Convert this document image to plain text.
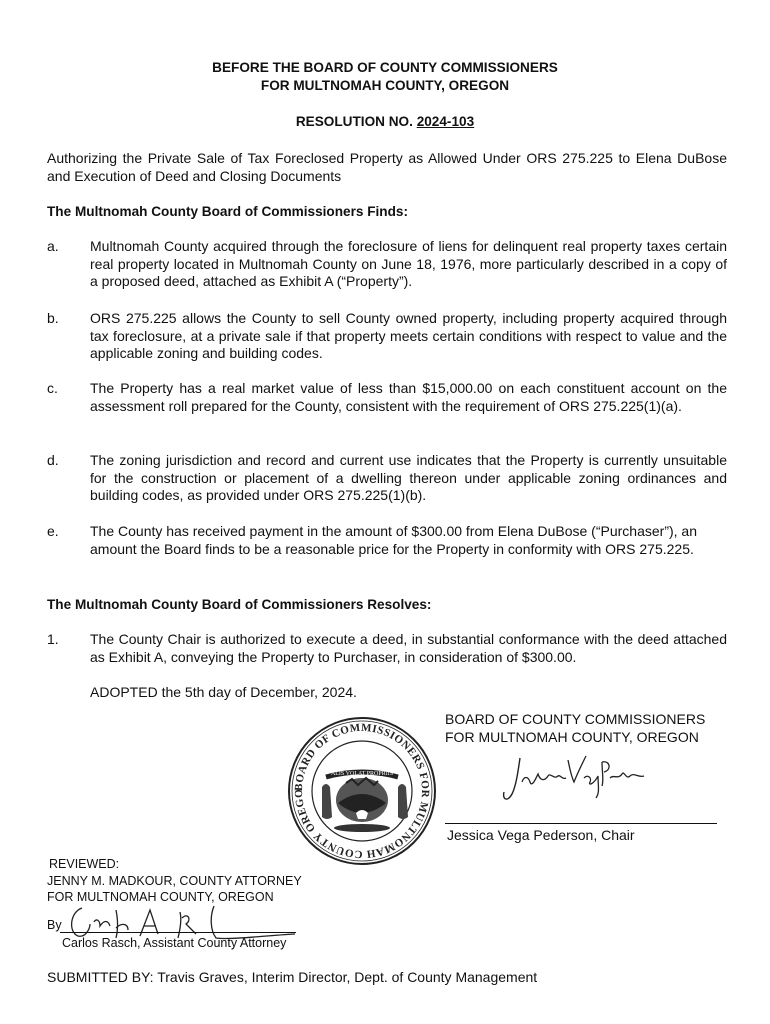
BEFORE THE BOARD OF COUNTY COMMISSIONERS
FOR MULTNOMAH COUNTY, OREGON
RESOLUTION NO. 2024-103
Authorizing the Private Sale of Tax Foreclosed Property as Allowed Under ORS 275.225 to Elena DuBose and Execution of Deed and Closing Documents
The Multnomah County Board of Commissioners Finds:
a. Multnomah County acquired through the foreclosure of liens for delinquent real property taxes certain real property located in Multnomah County on June 18, 1976, more particularly described in a copy of a proposed deed, attached as Exhibit A (“Property”).
b. ORS 275.225 allows the County to sell County owned property, including property acquired through tax foreclosure, at a private sale if that property meets certain conditions with respect to value and the applicable zoning and building codes.
c. The Property has a real market value of less than $15,000.00 on each constituent account on the assessment roll prepared for the County, consistent with the requirement of ORS 275.225(1)(a).
d. The zoning jurisdiction and record and current use indicates that the Property is currently unsuitable for the construction or placement of a dwelling thereon under applicable zoning ordinances and building codes, as provided under ORS 275.225(1)(b).
e. The County has received payment in the amount of $300.00 from Elena DuBose (“Purchaser”), an amount the Board finds to be a reasonable price for the Property in conformity with ORS 275.225.
The Multnomah County Board of Commissioners Resolves:
1. The County Chair is authorized to execute a deed, in substantial conformance with the deed attached as Exhibit A, conveying the Property to Purchaser, in consideration of $300.00.
ADOPTED the 5th day of December, 2024.
BOARD OF COUNTY COMMISSIONERS
FOR MULTNOMAH COUNTY, OREGON
BOARD OF COMMISSIONERS FOR MULTNOMAH COUNTY OREGON
ALIS VOLAT PROPRIIS
Jessica Vega Pederson, Chair
REVIEWED:
JENNY M. MADKOUR, COUNTY ATTORNEY
FOR MULTNOMAH COUNTY, OREGON
By
Carlos Rasch, Assistant County Attorney
SUBMITTED BY: Travis Graves, Interim Director, Dept. of County Management
